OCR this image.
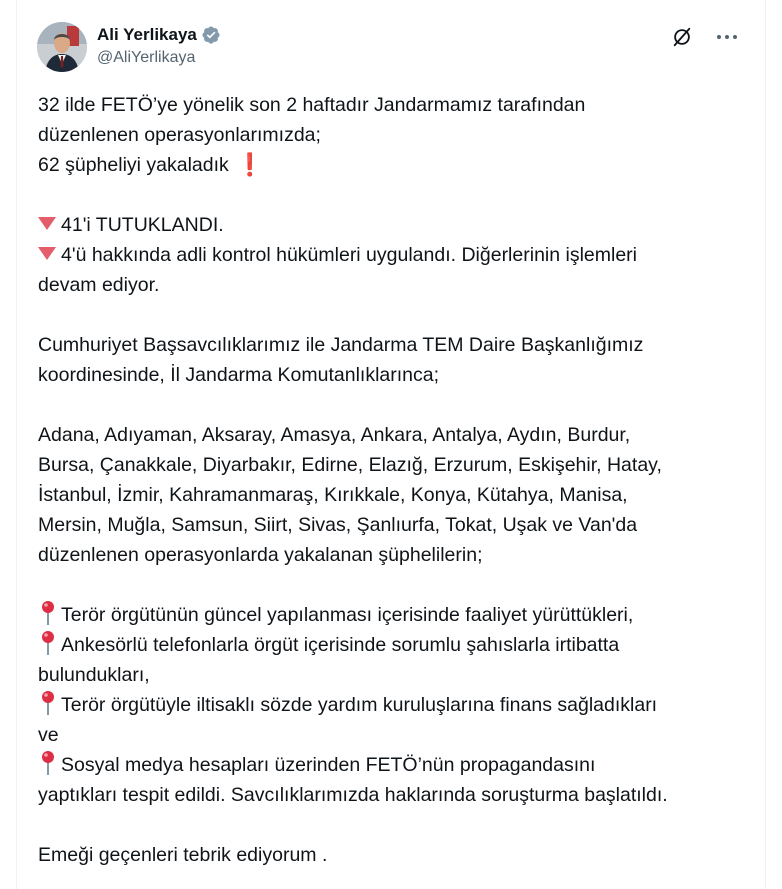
Ali Yerlikaya
@AliYerlikaya
32 ilde FETÖ’ye yönelik son 2 haftadır Jandarmamız tarafından
düzenlenen operasyonlarımızda;
62 şüpheliyi yakaladık ❗
41'i TUTUKLANDI.
4'ü hakkında adli kontrol hükümleri uygulandı. Diğerlerinin işlemleri
devam ediyor.
Cumhuriyet Başsavcılıklarımız ile Jandarma TEM Daire Başkanlığımız
koordinesinde, İl Jandarma Komutanlıklarınca;
Adana, Adıyaman, Aksaray, Amasya, Ankara, Antalya, Aydın, Burdur,
Bursa, Çanakkale, Diyarbakır, Edirne, Elazığ, Erzurum, Eskişehir, Hatay,
İstanbul, İzmir, Kahramanmaraş, Kırıkkale, Konya, Kütahya, Manisa,
Mersin, Muğla, Samsun, Siirt, Sivas, Şanlıurfa, Tokat, Uşak ve Van'da
düzenlenen operasyonlarda yakalanan şüphelilerin;
Terör örgütünün güncel yapılanması içerisinde faaliyet yürüttükleri,
Ankesörlü telefonlarla örgüt içerisinde sorumlu şahıslarla irtibatta
bulundukları,
Terör örgütüyle iltisaklı sözde yardım kuruluşlarına finans sağladıkları
ve
Sosyal medya hesapları üzerinden FETÖ’nün propagandasını
yaptıkları tespit edildi. Savcılıklarımızda haklarında soruşturma başlatıldı.
Emeği geçenleri tebrik ediyorum .
